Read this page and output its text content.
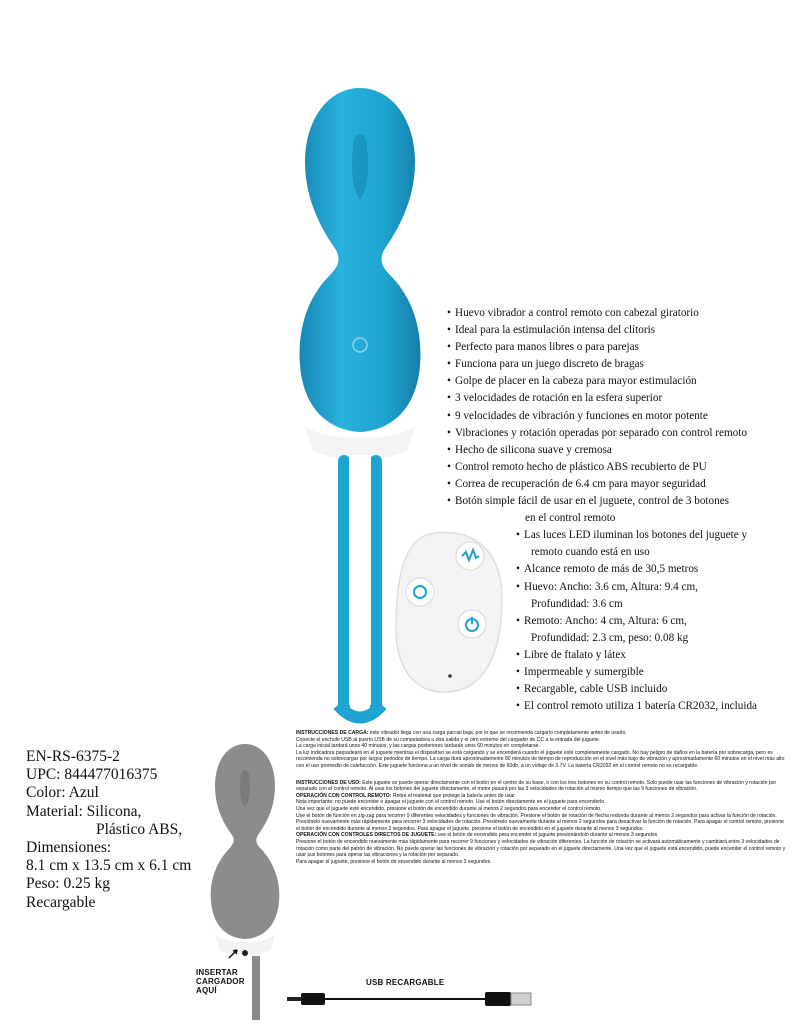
• Huevo vibrador a control remoto con cabezal giratorio
• Ideal para la estimulación intensa del clítoris
• Perfecto para manos libres o para parejas
• Funciona para un juego discreto de bragas
• Golpe de placer en la cabeza para mayor estimulación
• 3 velocidades de rotación en la esfera superior
• 9 velocidades de vibración y funciones en motor potente
• Vibraciones y rotación operadas por separado con control remoto
• Hecho de silicona suave y cremosa
• Control remoto hecho de plástico ABS recubierto de PU
• Correa de recuperación de 6.4 cm para mayor seguridad
• Botón simple fácil de usar en el juguete, control de 3 botones
en el control remoto
• Las luces LED iluminan los botones del juguete y
remoto cuando está en uso
• Alcance remoto de más de 30,5 metros
• Huevo: Ancho: 3.6 cm, Altura: 9.4 cm,
Profundidad: 3.6 cm
• Remoto: Ancho: 4 cm, Altura: 6 cm,
Profundidad: 2.3 cm, peso: 0.08 kg
• Libre de ftalato y látex
• Impermeable y sumergible
• Recargable, cable USB incluido
• El control remoto utiliza 1 batería CR2032, incluida
EN-RS-6375-2
UPC: 844477016375
Color: Azul
Material: Silicona,
Plástico ABS,
Dimensiones:
8.1 cm x 13.5 cm x 6.1 cm
Peso: 0.25 kg
Recargable
INSERTAR
CARGADOR
AQUÍ

INSTRUCCIONES DE CARGA: este vibrador llega con una carga parcial baja, por lo que se recomienda cargarlo completamente antes de usarlo.

Conecte el enchufe USB al puerto USB de su computadora u otra salida y el otro extremo del cargador de CC a la entrada del juguete.

La carga inicial tardará unos 40 minutos, y las cargas posteriores tardarán unos 60 minutos en completarse.

La luz indicadora parpadeará en el juguete mientras el dispositivo se está cargando y se encenderá cuando el juguete esté completamente cargado. No hay peligro de daños en la batería por sobrecarga, pero es recomienda no sobrecargar por largos periodos de tiempo. La carga dura aproximadamente 80 minutos de tiempo de reproducción en el nivel más bajo de vibración y aproximadamente 60 minutos en el nivel más alto con el uso promedio de calefacción. Este juguete funciona a un nivel de sonido de menos de 60db, a un voltaje de 3.7V. La batería CR2032 en el control remoto no es recargable.

INSTRUCCIONES DE USO: Este juguete se puede operar directamente con el botón en el centro de su base, o con los tres botones en su control remoto. Solo puede usar las funciones de vibración y rotación por separado con el control remoto. Al usar los botones del juguete directamente, el motor pasará por las 3 velocidades de rotación al mismo tiempo que las 9 funciones de vibración.

OPERACIÓN CON CONTROL REMOTO: Retire el material que protege la batería antes de usar.

Nota importante: no puede encender o apagar el juguete con el control remoto. Use el botón directamente en el juguete para encenderlo.

Una vez que el juguete esté encendido, presione el botón de encendido durante al menos 2 segundos para encender el control remoto.

Use el botón de función en zig-zag para recorrer 9 diferentes velocidades y funciones de vibración. Presione el botón de rotación de flecha redonda durante al menos 2 segundos para activar la función de rotación. Presiónelo nuevamente más rápidamente para recorrer 3 velocidades de rotación. Presiónelo nuevamente durante al menos 2 segundos para desactivar la función de rotación. Para apagar el control remoto, presione el botón de encendido durante al menos 3 segundos. Para apagar el juguete, presione el botón de encendido en el juguete durante al menos 3 segundos.

OPERACIÓN CON CONTROLES DIRECTOS DE JUGUETE: use el botón de encendido para encender el juguete presionándolo durante al menos 3 segundos.

Presione el botón de encendido nuevamente más rápidamente para recorrer 9 funciones y velocidades de vibración diferentes. La función de rotación se activará automáticamente y cambiará entre 3 velocidades de rotación como parte del patrón de vibración. No puede operar las funciones de vibración y rotación por separado en el juguete directamente. Una vez que el juguete está encendido, puede encender el control remoto y usar sus botones para operar las vibraciones y la rotación por separado.

Para apagar el juguete, presione el botón de encendido durante al menos 3 segundos.

USB RECARGABLE
